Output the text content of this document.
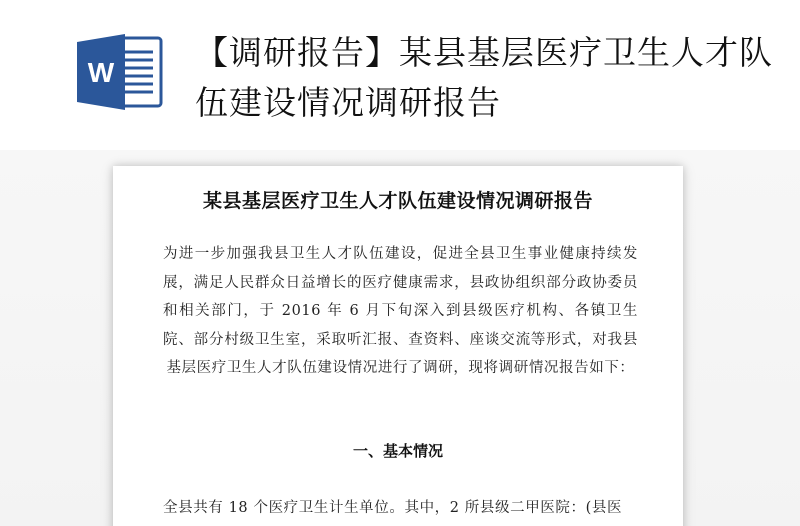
W
【调研报告】某县基层医疗卫生人才队伍建设情况调研报告
某县基层医疗卫生人才队伍建设情况调研报告
为进一步加强我县卫生人才队伍建设，促进全县卫生事业健康持续发展，满足人民群众日益增长的医疗健康需求，县政协组织部分政协委员和相关部门，于 2016 年 6 月下旬深入到县级医疗机构、各镇卫生院、部分村级卫生室，采取听汇报、查资料、座谈交流等形式，对我县基层医疗卫生人才队伍建设情况进行了调研，现将调研情况报告如下：
一、基本情况
全县共有 18 个医疗卫生计生单位。其中，2 所县级二甲医院：(县医
